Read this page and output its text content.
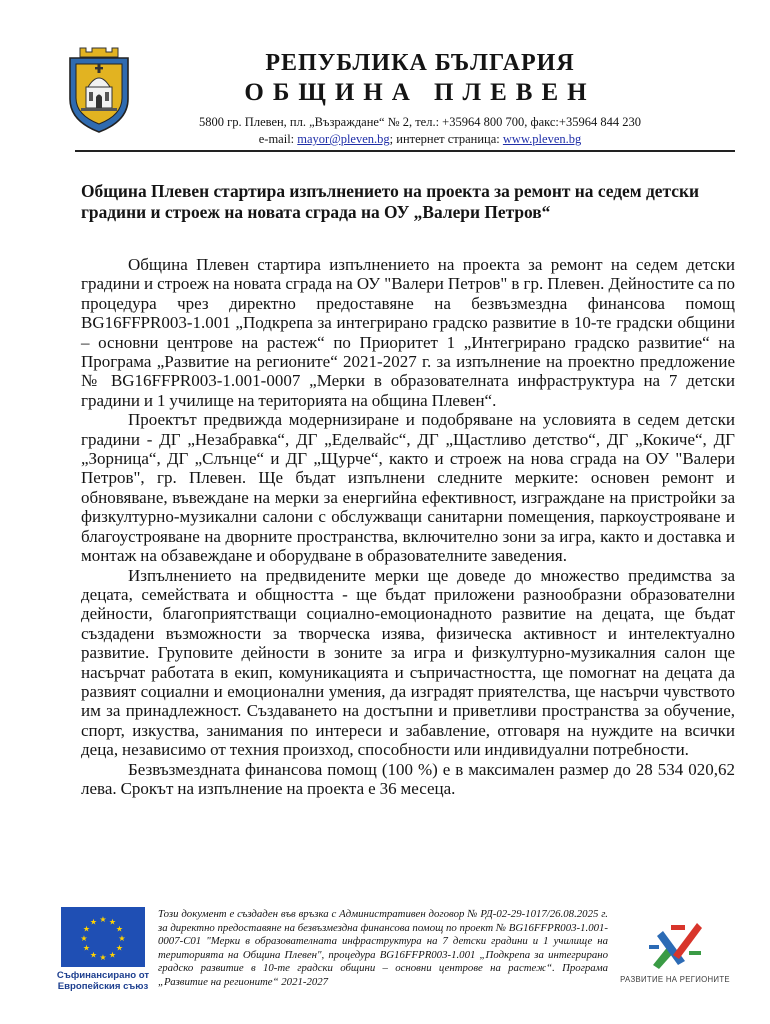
РЕПУБЛИКА БЪЛГАРИЯ
ОБЩИНА ПЛЕВЕН

5800 гр. Плевен, пл. „Възраждане“ № 2, тел.: +35964 800 700, факс:+35964 844 230

e-mail: mayor@pleven.bg; интернет страница: www.pleven.bg

Община Плевен стартира изпълнението на проекта за ремонт на седем детски градини и строеж на новата сграда на ОУ „Валери Петров“

Община Плевен стартира изпълнението на проекта за ремонт на седем детски градини и строеж на новата сграда на ОУ "Валери Петров" в гр. Плевен. Дейностите са по процедура чрез директно предоставяне на безвъзмездна финансова помощ BG16FFPR003-1.001 „Подкрепа за интегрирано градско развитие в 10-те градски общини – основни центрове на растеж“ по Приоритет 1 „Интегрирано градско развитие“ на Програма „Развитие на регионите“ 2021-2027 г. за изпълнение на проектно предложение № BG16FFPR003-1.001-0007 „Мерки в образователната инфраструктура на 7 детски градини и 1 училище на територията на община Плевен“.

Проектът предвижда модернизиране и подобряване на условията в седем детски градини - ДГ „Незабравка“, ДГ „Еделвайс“, ДГ „Щастливо детство“, ДГ „Кокиче“, ДГ „Зорница“, ДГ „Слънце“ и ДГ „Щурче“, както и строеж на нова сграда на ОУ "Валери Петров", гр. Плевен. Ще бъдат изпълнени следните мерките: основен ремонт и обновяване, въвеждане на мерки за енергийна ефективност, изграждане на пристройки за физкултурно-музикални салони с обслужващи санитарни помещения, паркоустрояване и благоустрояване на дворните пространства, включително зони за игра, както и доставка и монтаж на обзавеждане и оборудване в образователните заведения.

Изпълнението на предвидените мерки ще доведе до множество предимства за децата, семействата и общността - ще бъдат приложени разнообразни образователни дейности, благоприятстващи социално-емоционадното развитие на децата, ще бъдат създадени възможности за творческа изява, физическа активност и интелектуално развитие. Груповите дейности в зоните за игра и физкултурно-музикалния салон ще насърчат работата в екип, комуникацията и съпричастността, ще помогнат на децата да развият социални и емоционални умения, да изградят приятелства, ще насърчи чувството им за принадлежност. Създаването на достъпни и приветливи пространства за обучение, спорт, изкуства, занимания по интереси и забавление, отговаря на нуждите на всички деца, независимо от техния произход, способности или индивидуални потребности.

Безвъзмездната финансова помощ (100 %) е в максимален размер до 28 534 020,62 лева. Срокът на изпълнение на проекта е 36 месеца.

★ ★
★
★
★
★
★
★
★
★
★
★

Съфинансирано от
Европейския съюз

Този документ е създаден във връзка с Административен договор № РД-02-29-1017/26.08.2025 г. за директно предоставяне на безвъзмездна финансова помощ по проект № BG16FFPR003-1.001-0007-С01 "Мерки в образователната инфраструктура на 7 детски градини и 1 училище на територията на Община Плевен", процедура BG16FFPR003-1.001 „Подкрепа за интегрирано градско развитие в 10-те градски общини – основни центрове на растеж“. Програма „Развитие на регионите“ 2021-2027	РАЗВИТИЕ НА РЕГИОНИТЕ
